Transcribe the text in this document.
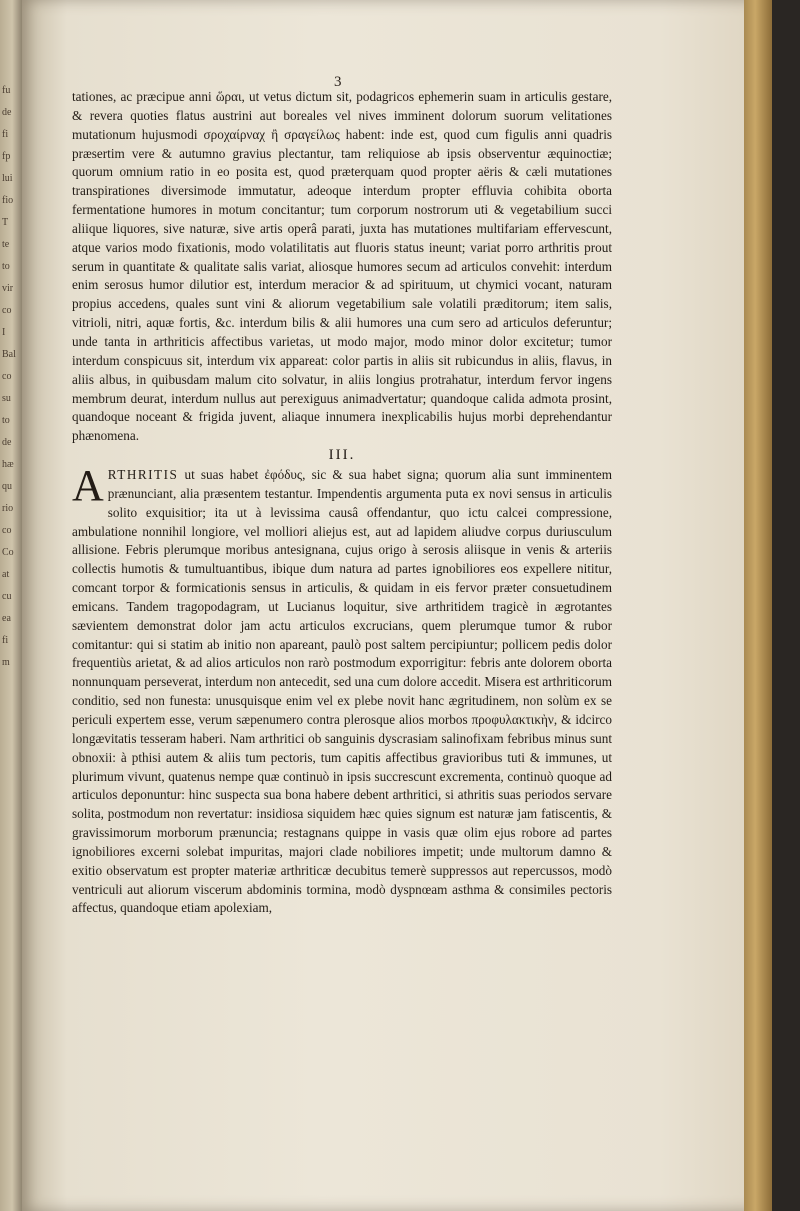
fu
de
fi
fp
lui
fio
T
te
to
vir
co
I
Bal
co
su
to
de
hæ
qu
rio
co
Co
at
cu
ea
fi
m
3

tationes, ac præcipue anni ὥραι, ut vetus dictum sit, podagricos ephemerin suam in articulis gestare, & revera quoties flatus austrini aut boreales vel nives imminent dolorum suorum velitationes mutationum hujusmodi σροχαίρναχ ἢ σραγείλως habent: inde est, quod cum figulis anni quadris præsertim vere & autumno gravius plectantur, tam reliquiose ab ipsis observentur æquinoctiæ; quorum omnium ratio in eo posita est, quod præterquam quod propter aëris & cæli mutationes transpirationes diversimode immutatur, adeoque interdum propter effluvia cohibita oborta fermentatione humores in motum concitantur; tum corporum nostrorum uti & vegetabilium succi aliique liquores, sive naturæ, sive artis operâ parati, juxta has mutationes multifariam effervescunt, atque varios modo fixationis, modo volatilitatis aut fluoris status ineunt; variat porro arthritis prout serum in quantitate & qualitate salis variat, aliosque humores secum ad articulos convehit: interdum enim serosus humor dilutior est, interdum meracior & ad spirituum, ut chymici vocant, naturam propius accedens, quales sunt vini & aliorum vegetabilium sale volatili præditorum; item salis, vitrioli, nitri, aquæ fortis, &c. interdum bilis & alii humores una cum sero ad articulos deferuntur; unde tanta in arthriticis affectibus varietas, ut modo major, modo minor dolor excitetur; tumor interdum conspicuus sit, interdum vix appareat: color partis in aliis sit rubicundus in aliis, flavus, in aliis albus, in quibusdam malum cito solvatur, in aliis longius protrahatur, interdum fervor ingens membrum deurat, interdum nullus aut perexiguus animadvertatur; quandoque calida admota prosint, quandoque noceant & frigida juvent, aliaque innumera inexplicabilis hujus morbi deprehendantur phænomena.

III.

ARTHRITIS ut suas habet ἐφόδυς, sic & sua habet signa; quorum alia sunt imminentem prænunciant, alia præsentem testantur. Impendentis argumenta puta ex novi sensus in articulis solito exquisitior; ita ut à levissima causâ offendantur, quo ictu calcei compressione, ambulatione nonnihil longiore, vel molliori aliejus est, aut ad lapidem aliudve corpus duriusculum allisione. Febris plerumque moribus antesignana, cujus origo à serosis aliisque in venis & arteriis collectis humotis & tumultuantibus, ibique dum natura ad partes ignobiliores eos expellere nititur, comcant torpor & formicationis sensus in articulis, & quidam in eis fervor præter consuetudinem emicans. Tandem tragopodagram, ut Lucianus loquitur, sive arthritidem tragicè in ægrotantes sævientem demonstrat dolor jam actu articulos excrucians, quem plerumque tumor & rubor comitantur: qui si statim ab initio non apareant, paulò post saltem percipiuntur; pollicem pedis dolor frequentiùs arietat, & ad alios articulos non rarò postmodum exporrigitur: febris ante dolorem oborta nonnunquam perseverat, interdum non antecedit, sed una cum dolore accedit. Misera est arthriticorum conditio, sed non funesta: unusquisque enim vel ex plebe novit hanc ægritudinem, non solùm ex se periculi expertem esse, verum sæpenumero contra plerosque alios morbos πρoφυλακτικὴν, & idcirco longævitatis tesseram haberi. Nam arthritici ob sanguinis dyscrasiam salinofixam febribus minus sunt obnoxii: à pthisi autem & aliis tum pectoris, tum capitis affectibus gravioribus tuti & immunes, ut plurimum vivunt, quatenus nempe quæ continuò in ipsis succrescunt excrementa, continuò quoque ad articulos deponuntur: hinc suspecta sua bona habere debent arthritici, si athritis suas periodos servare solita, postmodum non revertatur: insidiosa siquidem hæc quies signum est naturæ jam fatiscentis, & gravissimorum morborum prænuncia; restagnans quippe in vasis quæ olim ejus robore ad partes ignobiliores excerni solebat impuritas, majori clade nobiliores impetit; unde multorum damno & exitio observatum est propter materiæ arthriticæ decubitus temerè suppressos aut repercussos, modò ventriculi aut aliorum viscerum abdominis tormina, modò dyspnœam asthma & consimiles pectoris affectus, quandoque etiam apolexiam,
